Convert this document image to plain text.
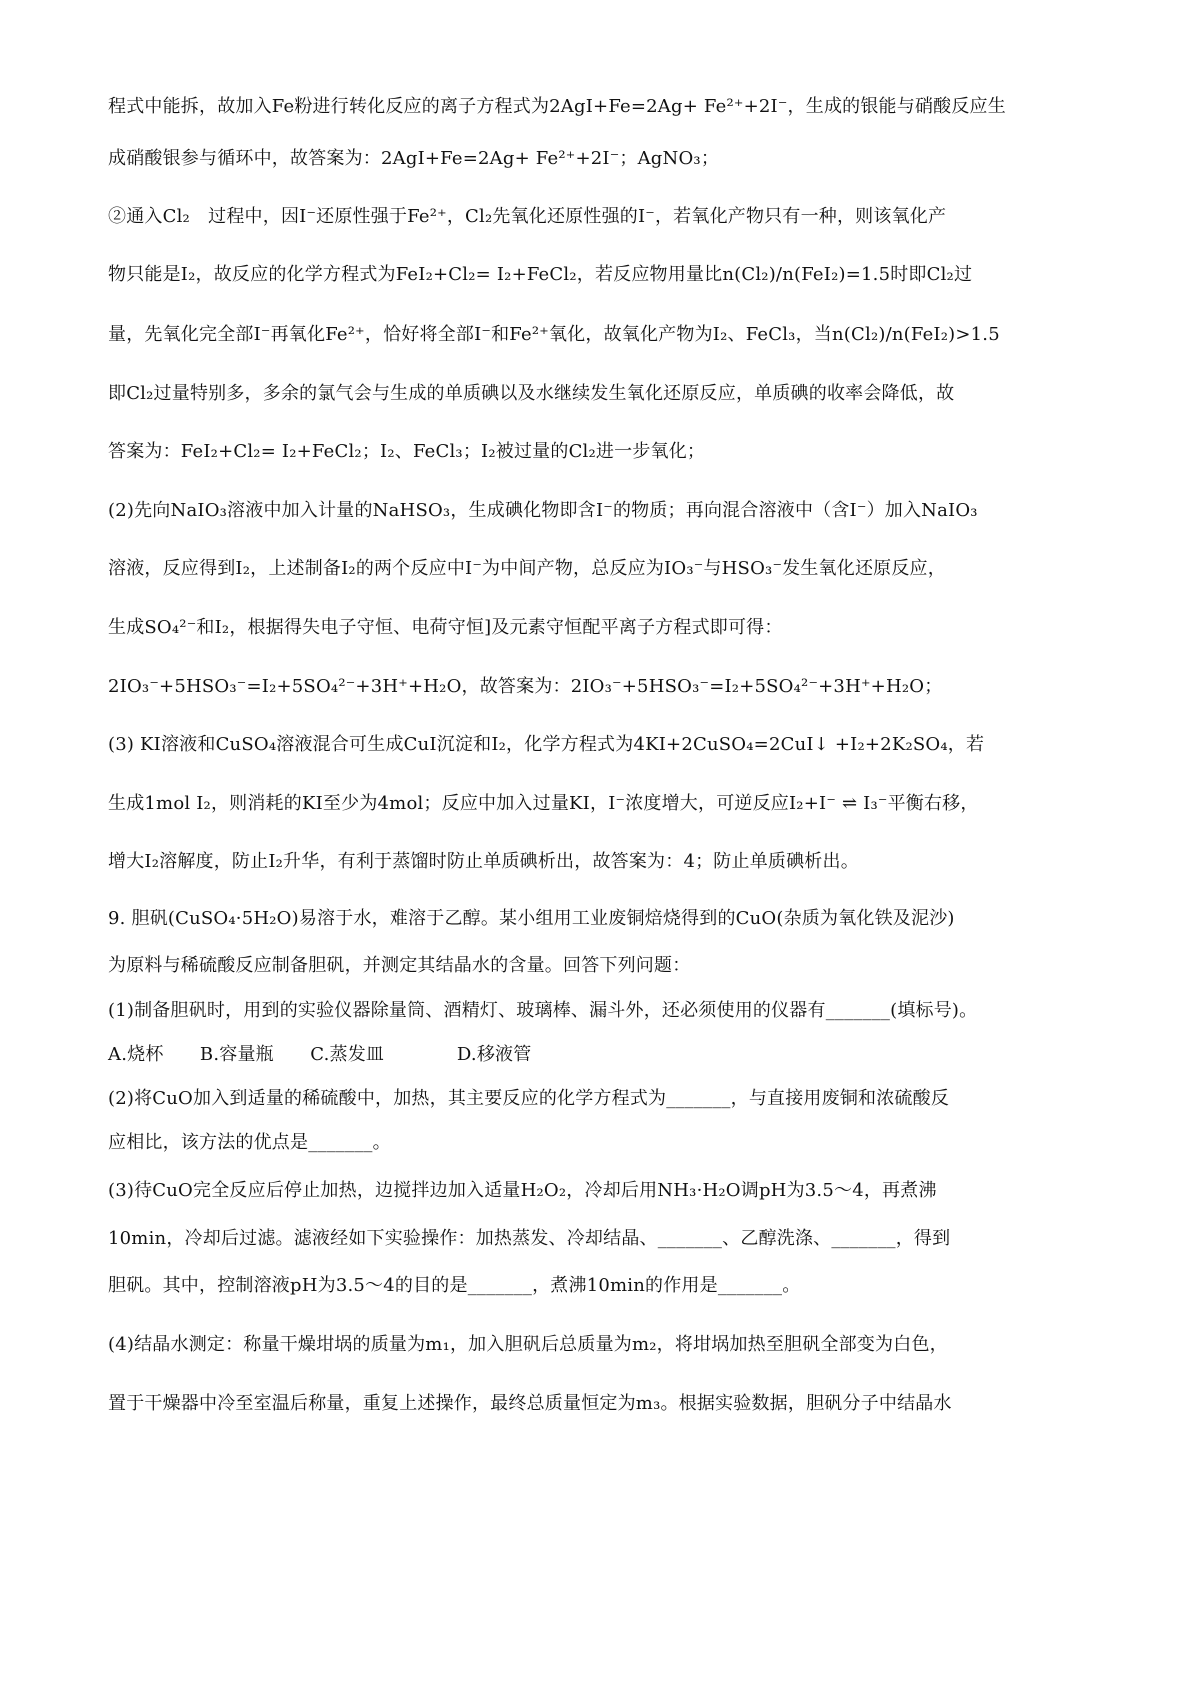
程式中能拆，故加入Fe粉进行转化反应的离子方程式为2AgI+Fe=2Ag+ Fe²⁺+2I⁻，生成的银能与硝酸反应生
成硝酸银参与循环中，故答案为：2AgI+Fe=2Ag+ Fe²⁺+2I⁻；AgNO₃；
②通入Cl₂　过程中，因I⁻还原性强于Fe²⁺，Cl₂先氧化还原性强的I⁻，若氧化产物只有一种，则该氧化产
物只能是I₂，故反应的化学方程式为FeI₂+Cl₂= I₂+FeCl₂，若反应物用量比n(Cl₂)/n(FeI₂)=1.5时即Cl₂过
量，先氧化完全部I⁻再氧化Fe²⁺，恰好将全部I⁻和Fe²⁺氧化，故氧化产物为I₂、FeCl₃，当n(Cl₂)/n(FeI₂)>1.5
即Cl₂过量特别多，多余的氯气会与生成的单质碘以及水继续发生氧化还原反应，单质碘的收率会降低，故
答案为：FeI₂+Cl₂= I₂+FeCl₂；I₂、FeCl₃；I₂被过量的Cl₂进一步氧化；
(2)先向NaIO₃溶液中加入计量的NaHSO₃，生成碘化物即含I⁻的物质；再向混合溶液中（含I⁻）加入NaIO₃
溶液，反应得到I₂，上述制备I₂的两个反应中I⁻为中间产物，总反应为IO₃⁻与HSO₃⁻发生氧化还原反应，
生成SO₄²⁻和I₂，根据得失电子守恒、电荷守恒]及元素守恒配平离子方程式即可得：
2IO₃⁻+5HSO₃⁻=I₂+5SO₄²⁻+3H⁺+H₂O，故答案为：2IO₃⁻+5HSO₃⁻=I₂+5SO₄²⁻+3H⁺+H₂O；
(3) KI溶液和CuSO₄溶液混合可生成CuI沉淀和I₂，化学方程式为4KI+2CuSO₄=2CuI↓ +I₂+2K₂SO₄，若
生成1mol I₂，则消耗的KI至少为4mol；反应中加入过量KI，I⁻浓度增大，可逆反应I₂+I⁻ ⇌ I₃⁻平衡右移，
增大I₂溶解度，防止I₂升华，有利于蒸馏时防止单质碘析出，故答案为：4；防止单质碘析出。
9. 胆矾(CuSO₄·5H₂O)易溶于水，难溶于乙醇。某小组用工业废铜焙烧得到的CuO(杂质为氧化铁及泥沙)
为原料与稀硫酸反应制备胆矾，并测定其结晶水的含量。回答下列问题：
(1)制备胆矾时，用到的实验仪器除量筒、酒精灯、玻璃棒、漏斗外，还必须使用的仪器有_______(填标号)。
A.烧杯　　B.容量瓶　　C.蒸发皿　　　　D.移液管
(2)将CuO加入到适量的稀硫酸中，加热，其主要反应的化学方程式为_______，与直接用废铜和浓硫酸反
应相比，该方法的优点是_______。
(3)待CuO完全反应后停止加热，边搅拌边加入适量H₂O₂，冷却后用NH₃·H₂O调pH为3.5～4，再煮沸
10min，冷却后过滤。滤液经如下实验操作：加热蒸发、冷却结晶、_______、乙醇洗涤、_______，得到
胆矾。其中，控制溶液pH为3.5～4的目的是_______，煮沸10min的作用是_______。
(4)结晶水测定：称量干燥坩埚的质量为m₁，加入胆矾后总质量为m₂，将坩埚加热至胆矾全部变为白色，
置于干燥器中冷至室温后称量，重复上述操作，最终总质量恒定为m₃。根据实验数据，胆矾分子中结晶水
